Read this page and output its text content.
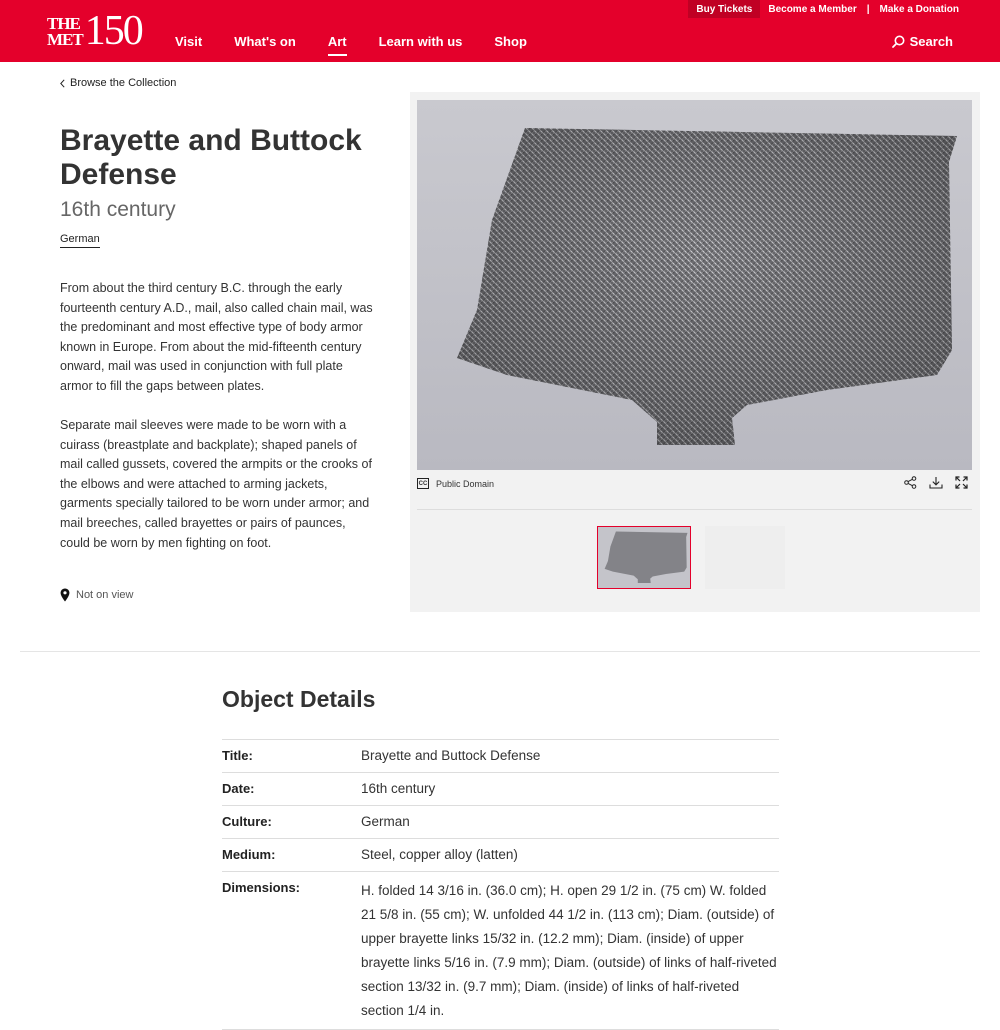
Buy Tickets	Become a Member	|	Make a Donation
THE
MET 150	Visit What's on Art Learn with us Shop	Search
Browse the Collection
Brayette and Buttock Defense
16th century
German

From about the third century B.C. through the early fourteenth century A.D., mail, also called chain mail, was the predominant and most effective type of body armor known in Europe. From about the mid-fifteenth century onward, mail was used in conjunction with full plate armor to fill the gaps between plates.

Separate mail sleeves were made to be worn with a cuirass (breastplate and backplate); shaped panels of mail called gussets, covered the armpits or the crooks of the elbows and were attached to arming jackets, garments specially tailored to be worn under armor; and mail breeches, called brayettes or pairs of paunces, could be worn by men fighting on foot.

Not on view
CC Public Domain
Object Details
Title:	Brayette and Buttock Defense
Date:	16th century
Culture:	German
Medium:	Steel, copper alloy (latten)
Dimensions:	H. folded 14 3/16 in. (36.0 cm); H. open 29 1/2 in. (75 cm) W. folded 21 5/8 in. (55 cm); W. unfolded 44 1/2 in. (113 cm); Diam. (outside) of upper brayette links 15/32 in. (12.2 mm); Diam. (inside) of upper brayette links 5/16 in. (7.9 mm); Diam. (outside) of links of half-riveted section 13/32 in. (9.7 mm); Diam. (inside) of links of half-riveted section 1/4 in.
